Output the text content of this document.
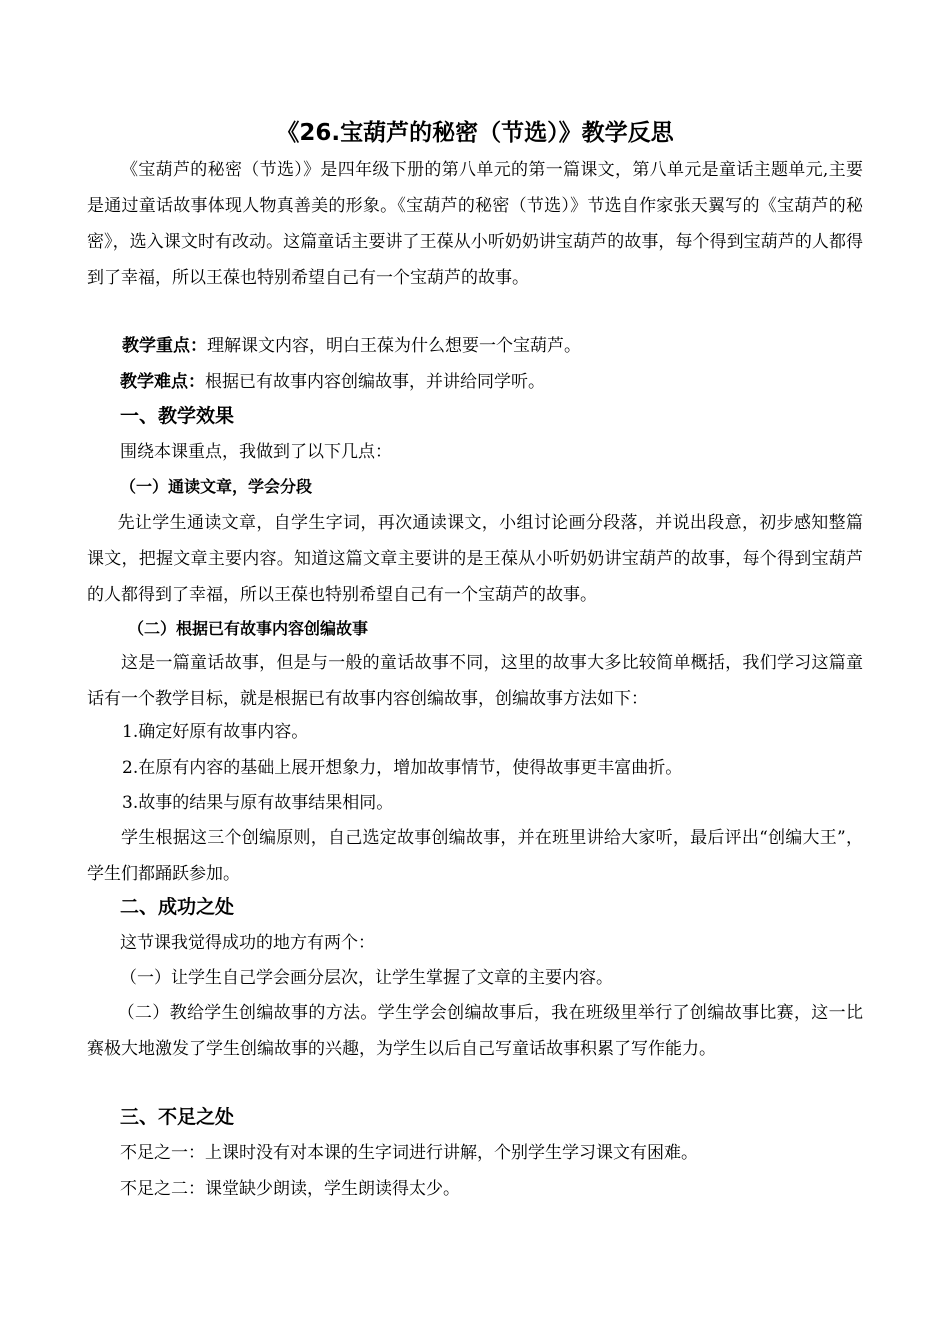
《26.宝葫芦的秘密（节选）》教学反思

《宝葫芦的秘密（节选）》是四年级下册的第八单元的第一篇课文，第八单元是童话主题单元,主要是通过童话故事体现人物真善美的形象。《宝葫芦的秘密（节选）》节选自作家张天翼写的《宝葫芦的秘密》，选入课文时有改动。这篇童话主要讲了王葆从小听奶奶讲宝葫芦的故事，每个得到宝葫芦的人都得到了幸福，所以王葆也特别希望自己有一个宝葫芦的故事。

教学重点：理解课文内容，明白王葆为什么想要一个宝葫芦。
教学难点：根据已有故事内容创编故事，并讲给同学听。
一、教学效果
围绕本课重点，我做到了以下几点：
（一）通读文章，学会分段

先让学生通读文章，自学生字词，再次通读课文，小组讨论画分段落，并说出段意，初步感知整篇课文，把握文章主要内容。知道这篇文章主要讲的是王葆从小听奶奶讲宝葫芦的故事，每个得到宝葫芦的人都得到了幸福，所以王葆也特别希望自己有一个宝葫芦的故事。

（二）根据已有故事内容创编故事

这是一篇童话故事，但是与一般的童话故事不同，这里的故事大多比较简单概括，我们学习这篇童话有一个教学目标，就是根据已有故事内容创编故事，创编故事方法如下：

1.确定好原有故事内容。
2.在原有内容的基础上展开想象力，增加故事情节，使得故事更丰富曲折。
3.故事的结果与原有故事结果相同。

学生根据这三个创编原则，自己选定故事创编故事，并在班里讲给大家听，最后评出“创编大王”，学生们都踊跃参加。

二、成功之处
这节课我觉得成功的地方有两个：
（一）让学生自己学会画分层次，让学生掌握了文章的主要内容。

（二）教给学生创编故事的方法。学生学会创编故事后，我在班级里举行了创编故事比赛，这一比赛极大地激发了学生创编故事的兴趣，为学生以后自己写童话故事积累了写作能力。

三、不足之处
不足之一：上课时没有对本课的生字词进行讲解，个别学生学习课文有困难。
不足之二：课堂缺少朗读，学生朗读得太少。
